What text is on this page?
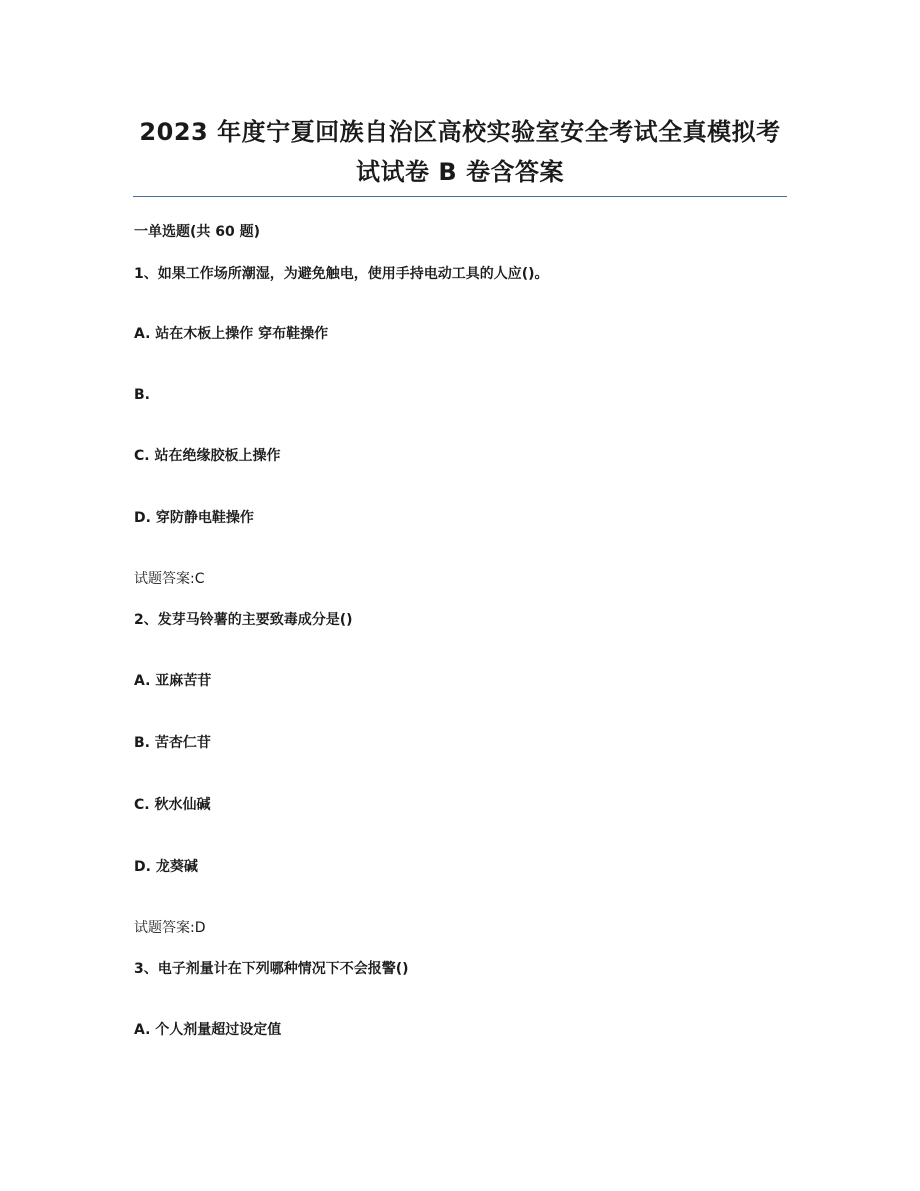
2023 年度宁夏回族自治区高校实验室安全考试全真模拟考
试试卷 B 卷含答案
一单选题(共 60 题)
1、如果工作场所潮湿，为避免触电，使用手持电动工具的人应()。
A. 站在木板上操作 穿布鞋操作
B.
C. 站在绝缘胶板上操作
D. 穿防静电鞋操作
试题答案:C
2、发芽马铃薯的主要致毒成分是()
A. 亚麻苦苷
B. 苦杏仁苷
C. 秋水仙碱
D. 龙葵碱
试题答案:D
3、电子剂量计在下列哪种情况下不会报警()
A. 个人剂量超过设定值
